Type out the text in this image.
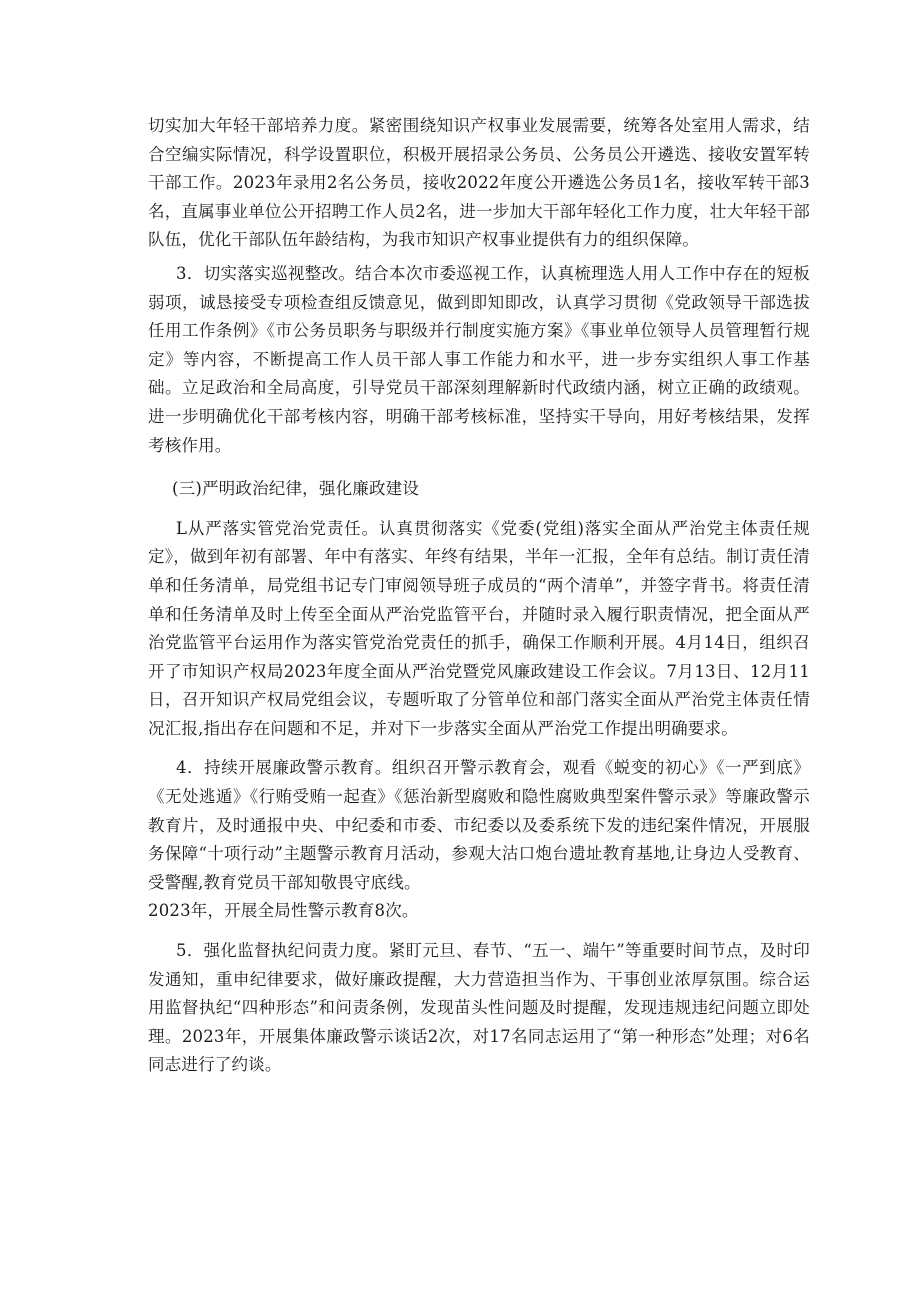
切实加大年轻干部培养力度。紧密围绕知识产权事业发展需要，统筹各处室用人需求，结合空编实际情况，科学设置职位，积极开展招录公务员、公务员公开遴选、接收安置军转干部工作。2023年录用2名公务员，接收2022年度公开遴选公务员1名，接收军转干部3名，直属事业单位公开招聘工作人员2名，进一步加大干部年轻化工作力度，壮大年轻干部队伍，优化干部队伍年龄结构，为我市知识产权事业提供有力的组织保障。

3．切实落实巡视整改。结合本次市委巡视工作，认真梳理选人用人工作中存在的短板弱项，诚恳接受专项检查组反馈意见，做到即知即改，认真学习贯彻《党政领导干部选拔任用工作条例》《市公务员职务与职级并行制度实施方案》《事业单位领导人员管理暂行规定》等内容，不断提高工作人员干部人事工作能力和水平，进一步夯实组织人事工作基础。立足政治和全局高度，引导党员干部深刻理解新时代政绩内涵，树立正确的政绩观。进一步明确优化干部考核内容，明确干部考核标准，坚持实干导向，用好考核结果，发挥考核作用。

(三)严明政治纪律，强化廉政建设

L从严落实管党治党责任。认真贯彻落实《党委(党组)落实全面从严治党主体责任规定》，做到年初有部署、年中有落实、年终有结果，半年一汇报，全年有总结。制订责任清单和任务清单，局党组书记专门审阅领导班子成员的“两个清单”，并签字背书。将责任清单和任务清单及时上传至全面从严治党监管平台，并随时录入履行职责情况，把全面从严治党监管平台运用作为落实管党治党责任的抓手，确保工作顺利开展。4月14日，组织召开了市知识产权局2023年度全面从严治党暨党风廉政建设工作会议。7月13日、12月11日，召开知识产权局党组会议，专题听取了分管单位和部门落实全面从严治党主体责任情况汇报,指出存在问题和不足，并对下一步落实全面从严治党工作提出明确要求。

4．持续开展廉政警示教育。组织召开警示教育会，观看《蜕变的初心》《一严到底》《无处逃遁》《行贿受贿一起查》《惩治新型腐败和隐性腐败典型案件警示录》等廉政警示教育片，及时通报中央、中纪委和市委、市纪委以及委系统下发的违纪案件情况，开展服务保障“十项行动”主题警示教育月活动，参观大沽口炮台遗址教育基地,让身边人受教育、受警醒,教育党员干部知敬畏守底线。

2023年，开展全局性警示教育8次。

5．强化监督执纪问责力度。紧盯元旦、春节、“五一、端午”等重要时间节点，及时印发通知，重申纪律要求，做好廉政提醒，大力营造担当作为、干事创业浓厚氛围。综合运用监督执纪“四种形态”和问责条例，发现苗头性问题及时提醒，发现违规违纪问题立即处理。2023年，开展集体廉政警示谈话2次，对17名同志运用了“第一种形态”处理；对6名同志进行了约谈。
